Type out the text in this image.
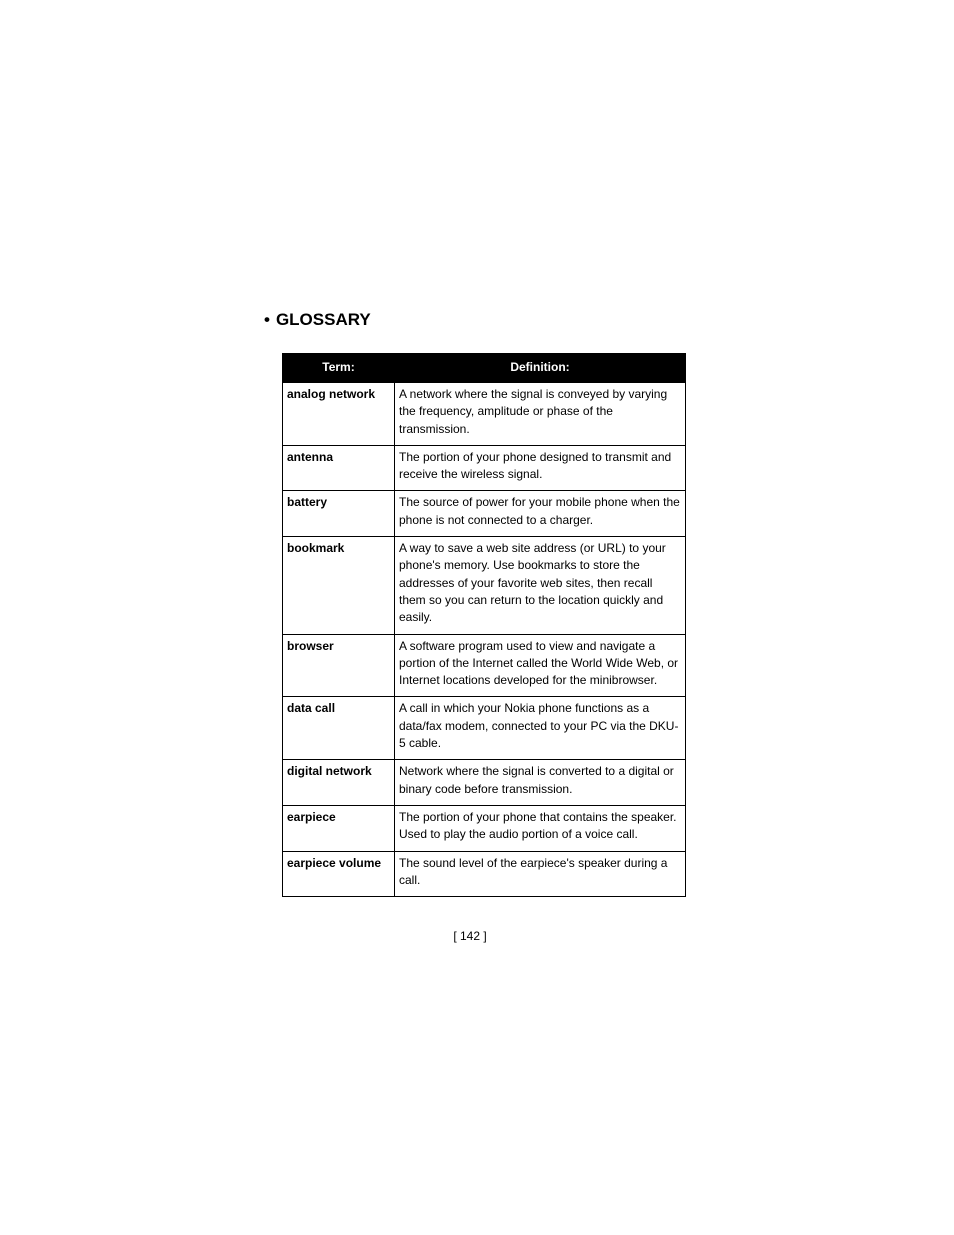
• GLOSSARY
Term:	Definition:
analog network	A network where the signal is conveyed by varying the frequency, amplitude or phase of the transmission.
antenna	The portion of your phone designed to transmit and receive the wireless signal.
battery	The source of power for your mobile phone when the phone is not connected to a charger.
bookmark	A way to save a web site address (or URL) to your phone's memory. Use bookmarks to store the addresses of your favorite web sites, then recall them so you can return to the location quickly and easily.
browser	A software program used to view and navigate a portion of the Internet called the World Wide Web, or Internet locations developed for the minibrowser.
data call	A call in which your Nokia phone functions as a data/fax modem, connected to your PC via the DKU-5 cable.
digital network	Network where the signal is converted to a digital or binary code before transmission.
earpiece	The portion of your phone that contains the speaker. Used to play the audio portion of a voice call.
earpiece volume	The sound level of the earpiece's speaker during a call.
[ 142 ]
